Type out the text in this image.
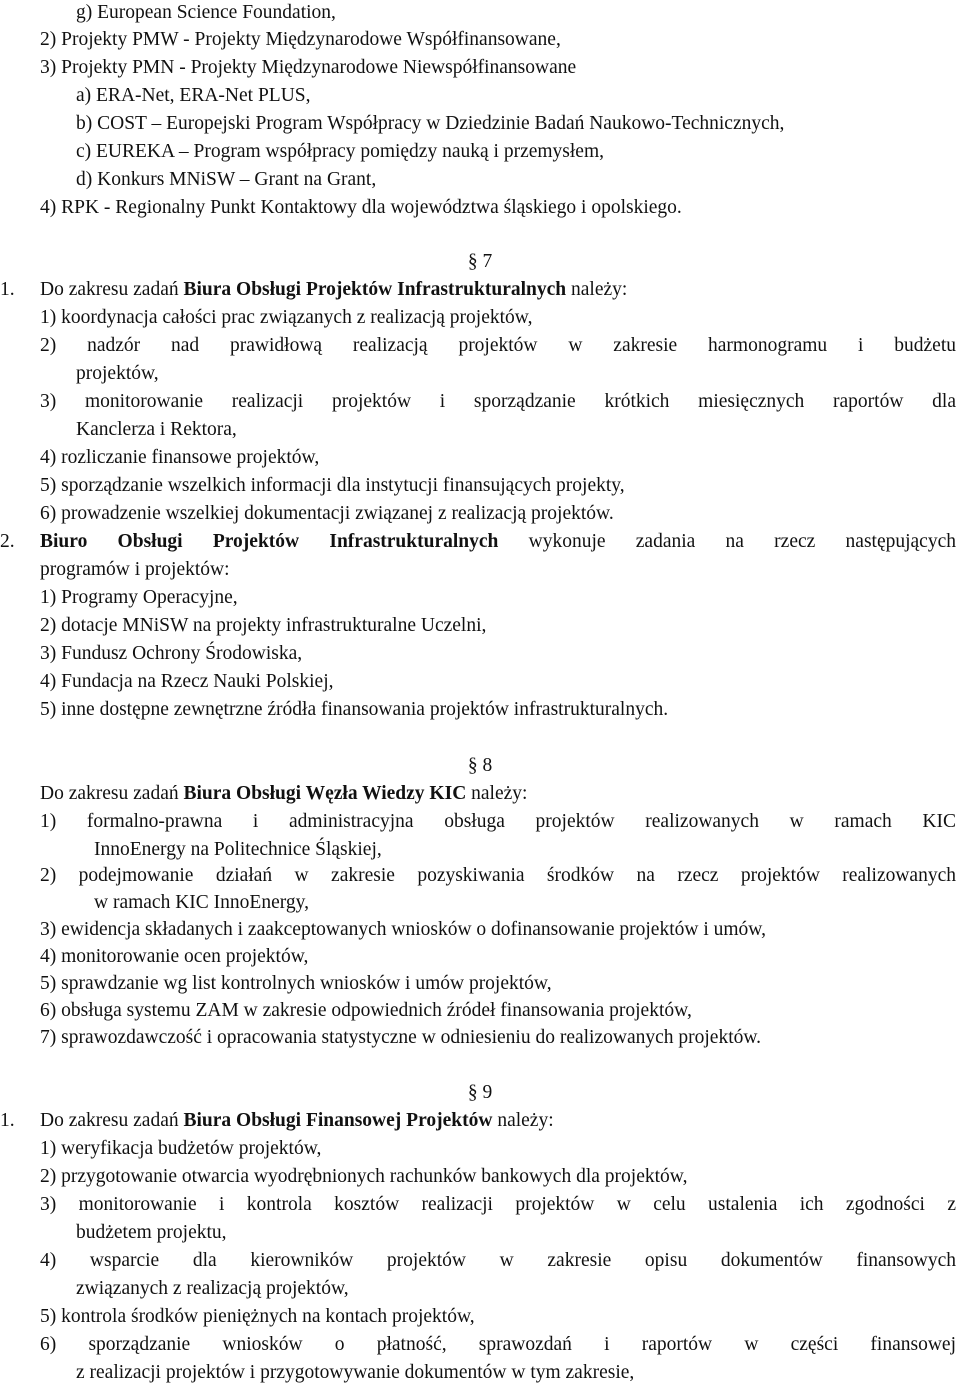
g) European Science Foundation,
2) Projekty PMW - Projekty Międzynarodowe Współfinansowane,
3) Projekty PMN - Projekty Międzynarodowe Niewspółfinansowane
a) ERA-Net, ERA-Net PLUS,
b) COST – Europejski Program Współpracy w Dziedzinie Badań Naukowo-Technicznych,
c) EUREKA – Program współpracy pomiędzy nauką i przemysłem,
d) Konkurs MNiSW – Grant na Grant,
4) RPK - Regionalny Punkt Kontaktowy dla województwa śląskiego i opolskiego.
§ 7
1. Do zakresu zadań Biura Obsługi Projektów Infrastrukturalnych należy:
1) koordynacja całości prac związanych z realizacją projektów,
2) nadzór nad prawidłową realizacją projektów w zakresie harmonogramu i budżetu
projektów,
3) monitorowanie realizacji projektów i sporządzanie krótkich miesięcznych raportów dla
Kanclerza i Rektora,
4) rozliczanie finansowe projektów,
5) sporządzanie wszelkich informacji dla instytucji finansujących projekty,
6) prowadzenie wszelkiej dokumentacji związanej z realizacją projektów.
2. Biuro Obsługi Projektów Infrastrukturalnych wykonuje zadania na rzecz następujących
programów i projektów:
1) Programy Operacyjne,
2) dotacje MNiSW na projekty infrastrukturalne Uczelni,
3) Fundusz Ochrony Środowiska,
4) Fundacja na Rzecz Nauki Polskiej,
5) inne dostępne zewnętrzne źródła finansowania projektów infrastrukturalnych.
§ 8
Do zakresu zadań Biura Obsługi Węzła Wiedzy KIC należy:
1) formalno-prawna i administracyjna obsługa projektów realizowanych w ramach KIC
InnoEnergy na Politechnice Śląskiej,
2) podejmowanie działań w zakresie pozyskiwania środków na rzecz projektów realizowanych
w ramach KIC InnoEnergy,
3) ewidencja składanych i zaakceptowanych wniosków o dofinansowanie projektów i umów,
4) monitorowanie ocen projektów,
5) sprawdzanie wg list kontrolnych wniosków i umów projektów,
6) obsługa systemu ZAM w zakresie odpowiednich źródeł finansowania projektów,
7) sprawozdawczość i opracowania statystyczne w odniesieniu do realizowanych projektów.
§ 9
1. Do zakresu zadań Biura Obsługi Finansowej Projektów należy:
1) weryfikacja budżetów projektów,
2) przygotowanie otwarcia wyodrębnionych rachunków bankowych dla projektów,
3) monitorowanie i kontrola kosztów realizacji projektów w celu ustalenia ich zgodności z
budżetem projektu,
4) wsparcie dla kierowników projektów w zakresie opisu dokumentów finansowych
związanych z realizacją projektów,
5) kontrola środków pieniężnych na kontach projektów,
6) sporządzanie wniosków o płatność, sprawozdań i raportów w części finansowej
z realizacji projektów i przygotowywanie dokumentów w tym zakresie,
